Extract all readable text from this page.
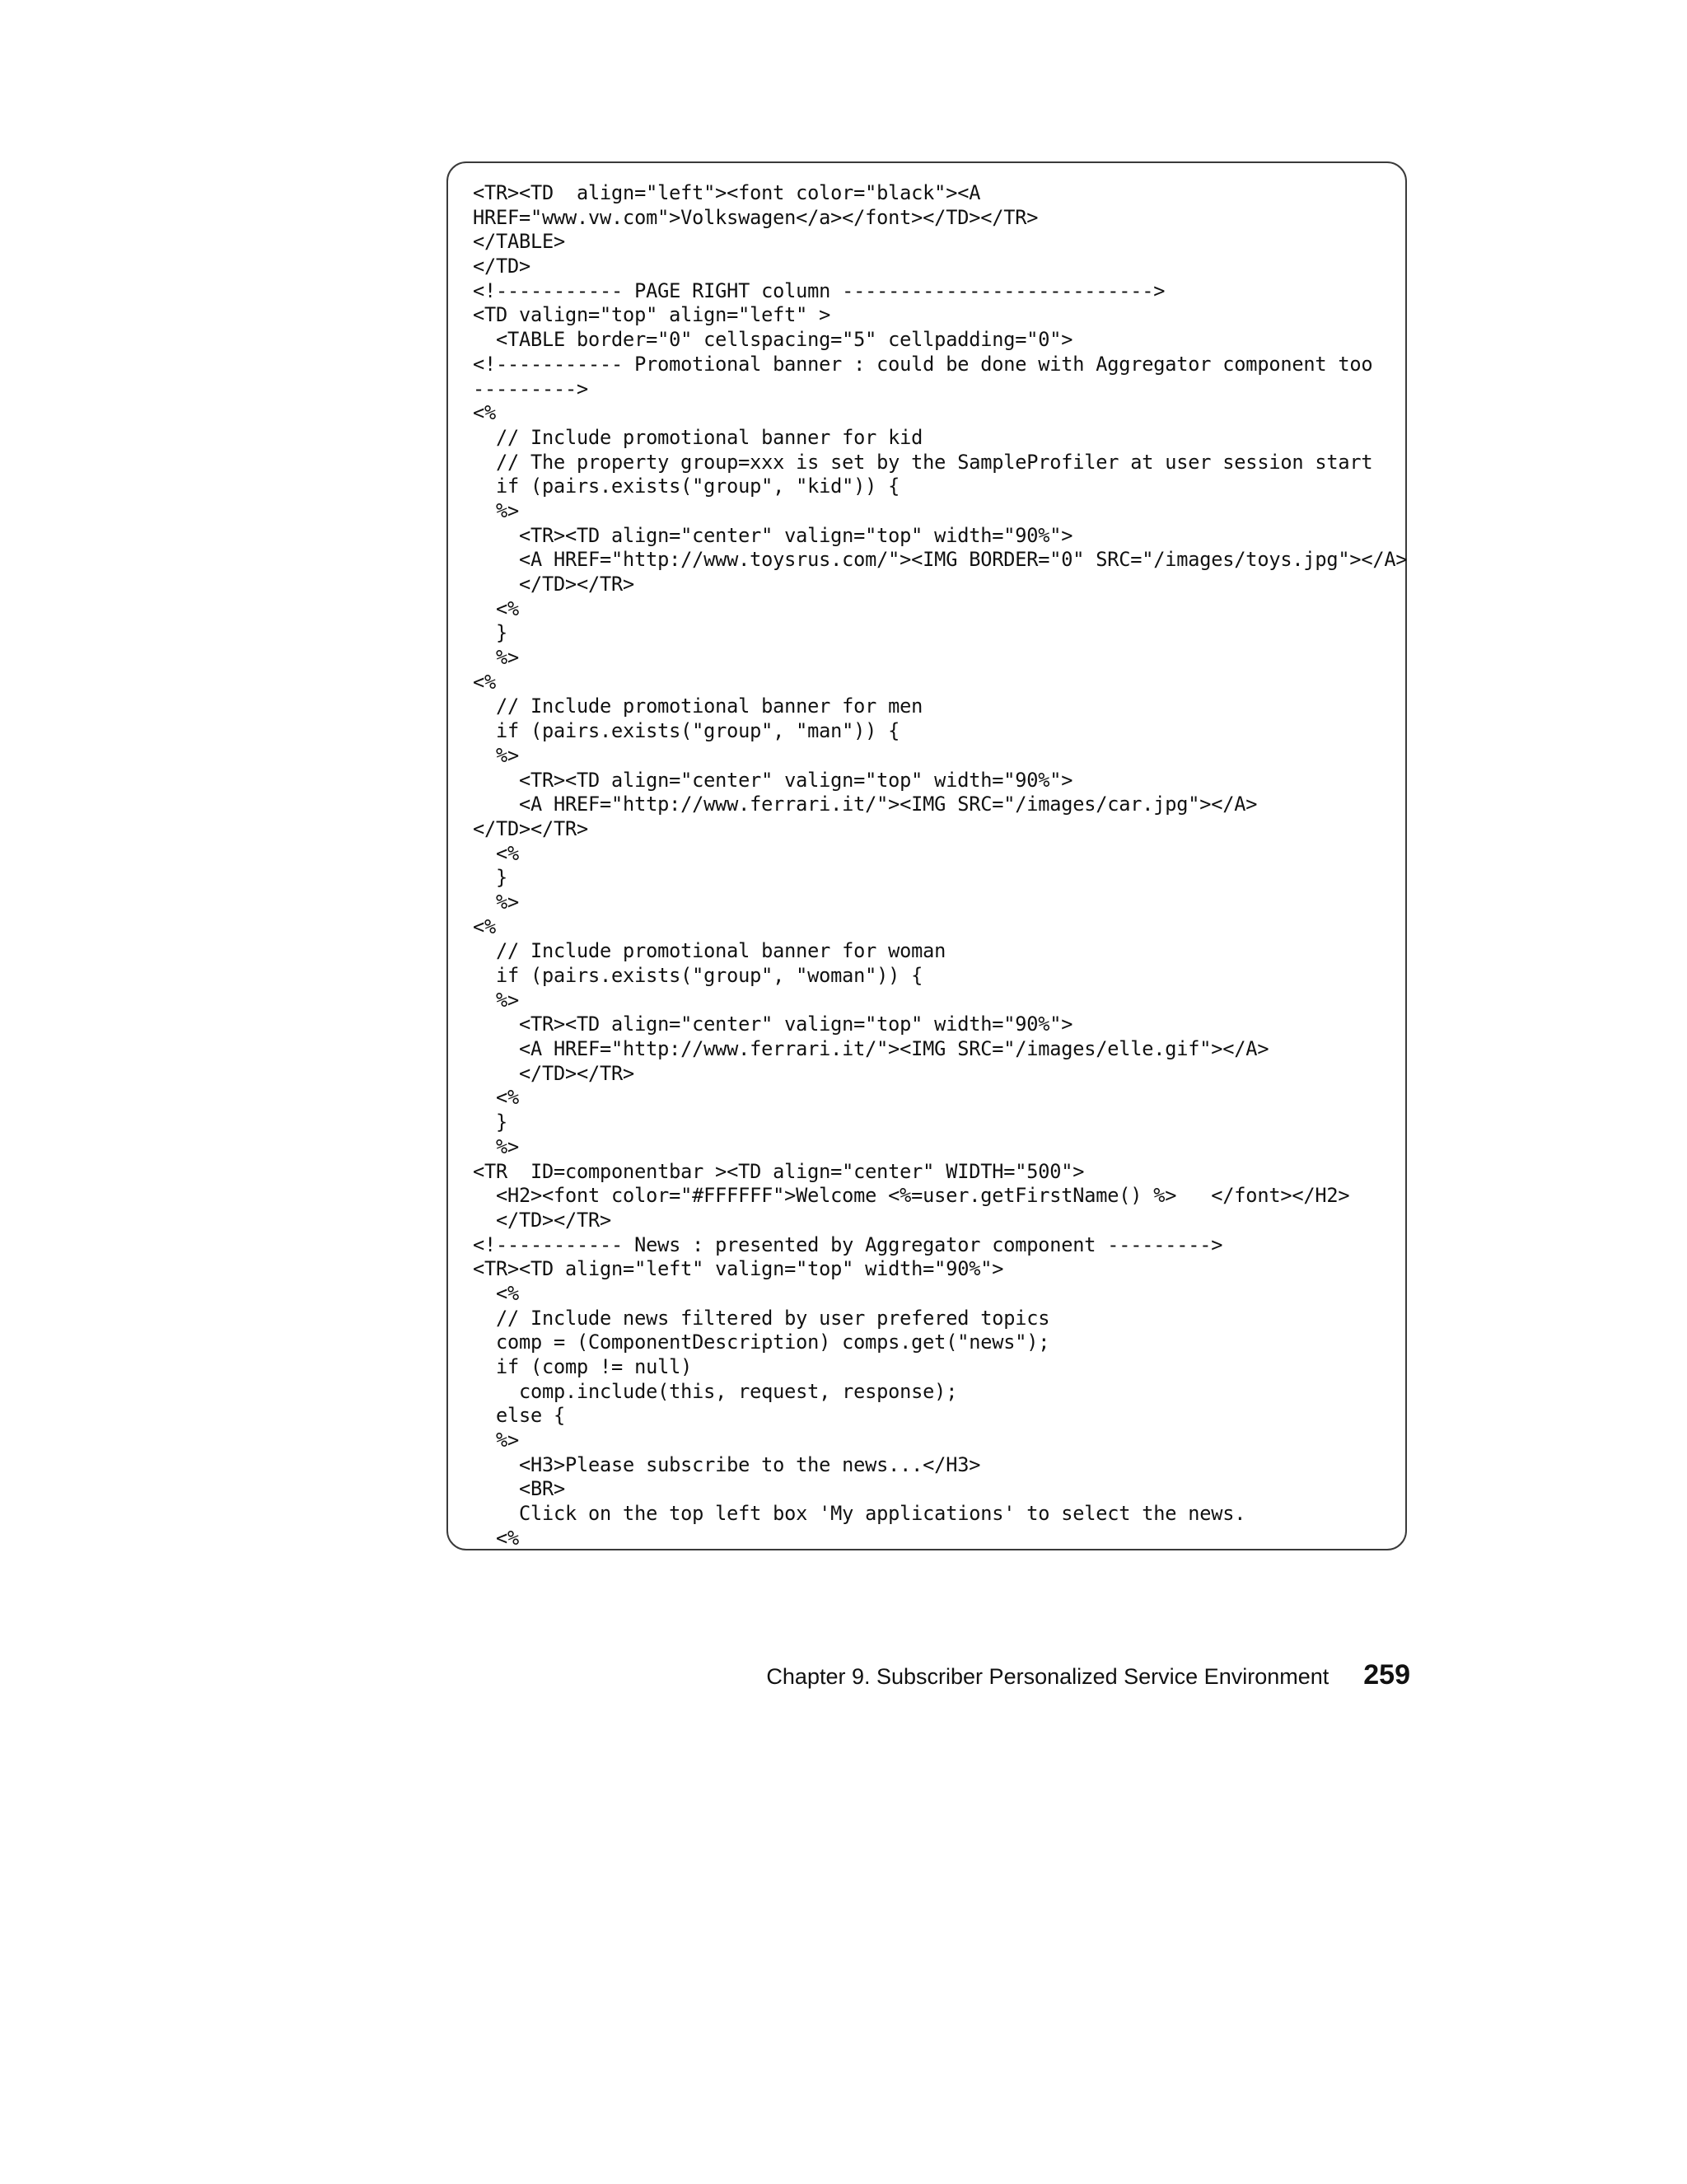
<TR><TD  align="left"><font color="black"><A
HREF="www.vw.com">Volkswagen</a></font></TD></TR>
</TABLE>
</TD>
<!----------- PAGE RIGHT column --------------------------->
<TD valign="top" align="left" >
<TABLE border="0" cellspacing="5" cellpadding="0">
<!----------- Promotional banner : could be done with Aggregator component too
--------->
<%
// Include promotional banner for kid
// The property group=xxx is set by the SampleProfiler at user session start
if (pairs.exists("group", "kid")) {
%>
<TR><TD align="center" valign="top" width="90%">
<A HREF="http://www.toysrus.com/"><IMG BORDER="0" SRC="/images/toys.jpg"></A>
</TD></TR>
<%
}
%>
<%
// Include promotional banner for men
if (pairs.exists("group", "man")) {
%>
<TR><TD align="center" valign="top" width="90%">
<A HREF="http://www.ferrari.it/"><IMG SRC="/images/car.jpg"></A>
</TD></TR>
<%
}
%>
<%
// Include promotional banner for woman
if (pairs.exists("group", "woman")) {
%>
<TR><TD align="center" valign="top" width="90%">
<A HREF="http://www.ferrari.it/"><IMG SRC="/images/elle.gif"></A>
</TD></TR>
<%
}
%>
<TR  ID=componentbar ><TD align="center" WIDTH="500">
<H2><font color="#FFFFFF">Welcome <%=user.getFirstName() %>   </font></H2>
</TD></TR>
<!----------- News : presented by Aggregator component --------->
<TR><TD align="left" valign="top" width="90%">
<%
// Include news filtered by user prefered topics
comp = (ComponentDescription) comps.get("news");
if (comp != null)
comp.include(this, request, response);
else {
%>
<H3>Please subscribe to the news...</H3>
<BR>
Click on the top left box 'My applications' to select the news.
<%
Chapter 9. Subscriber Personalized Service Environment 259
